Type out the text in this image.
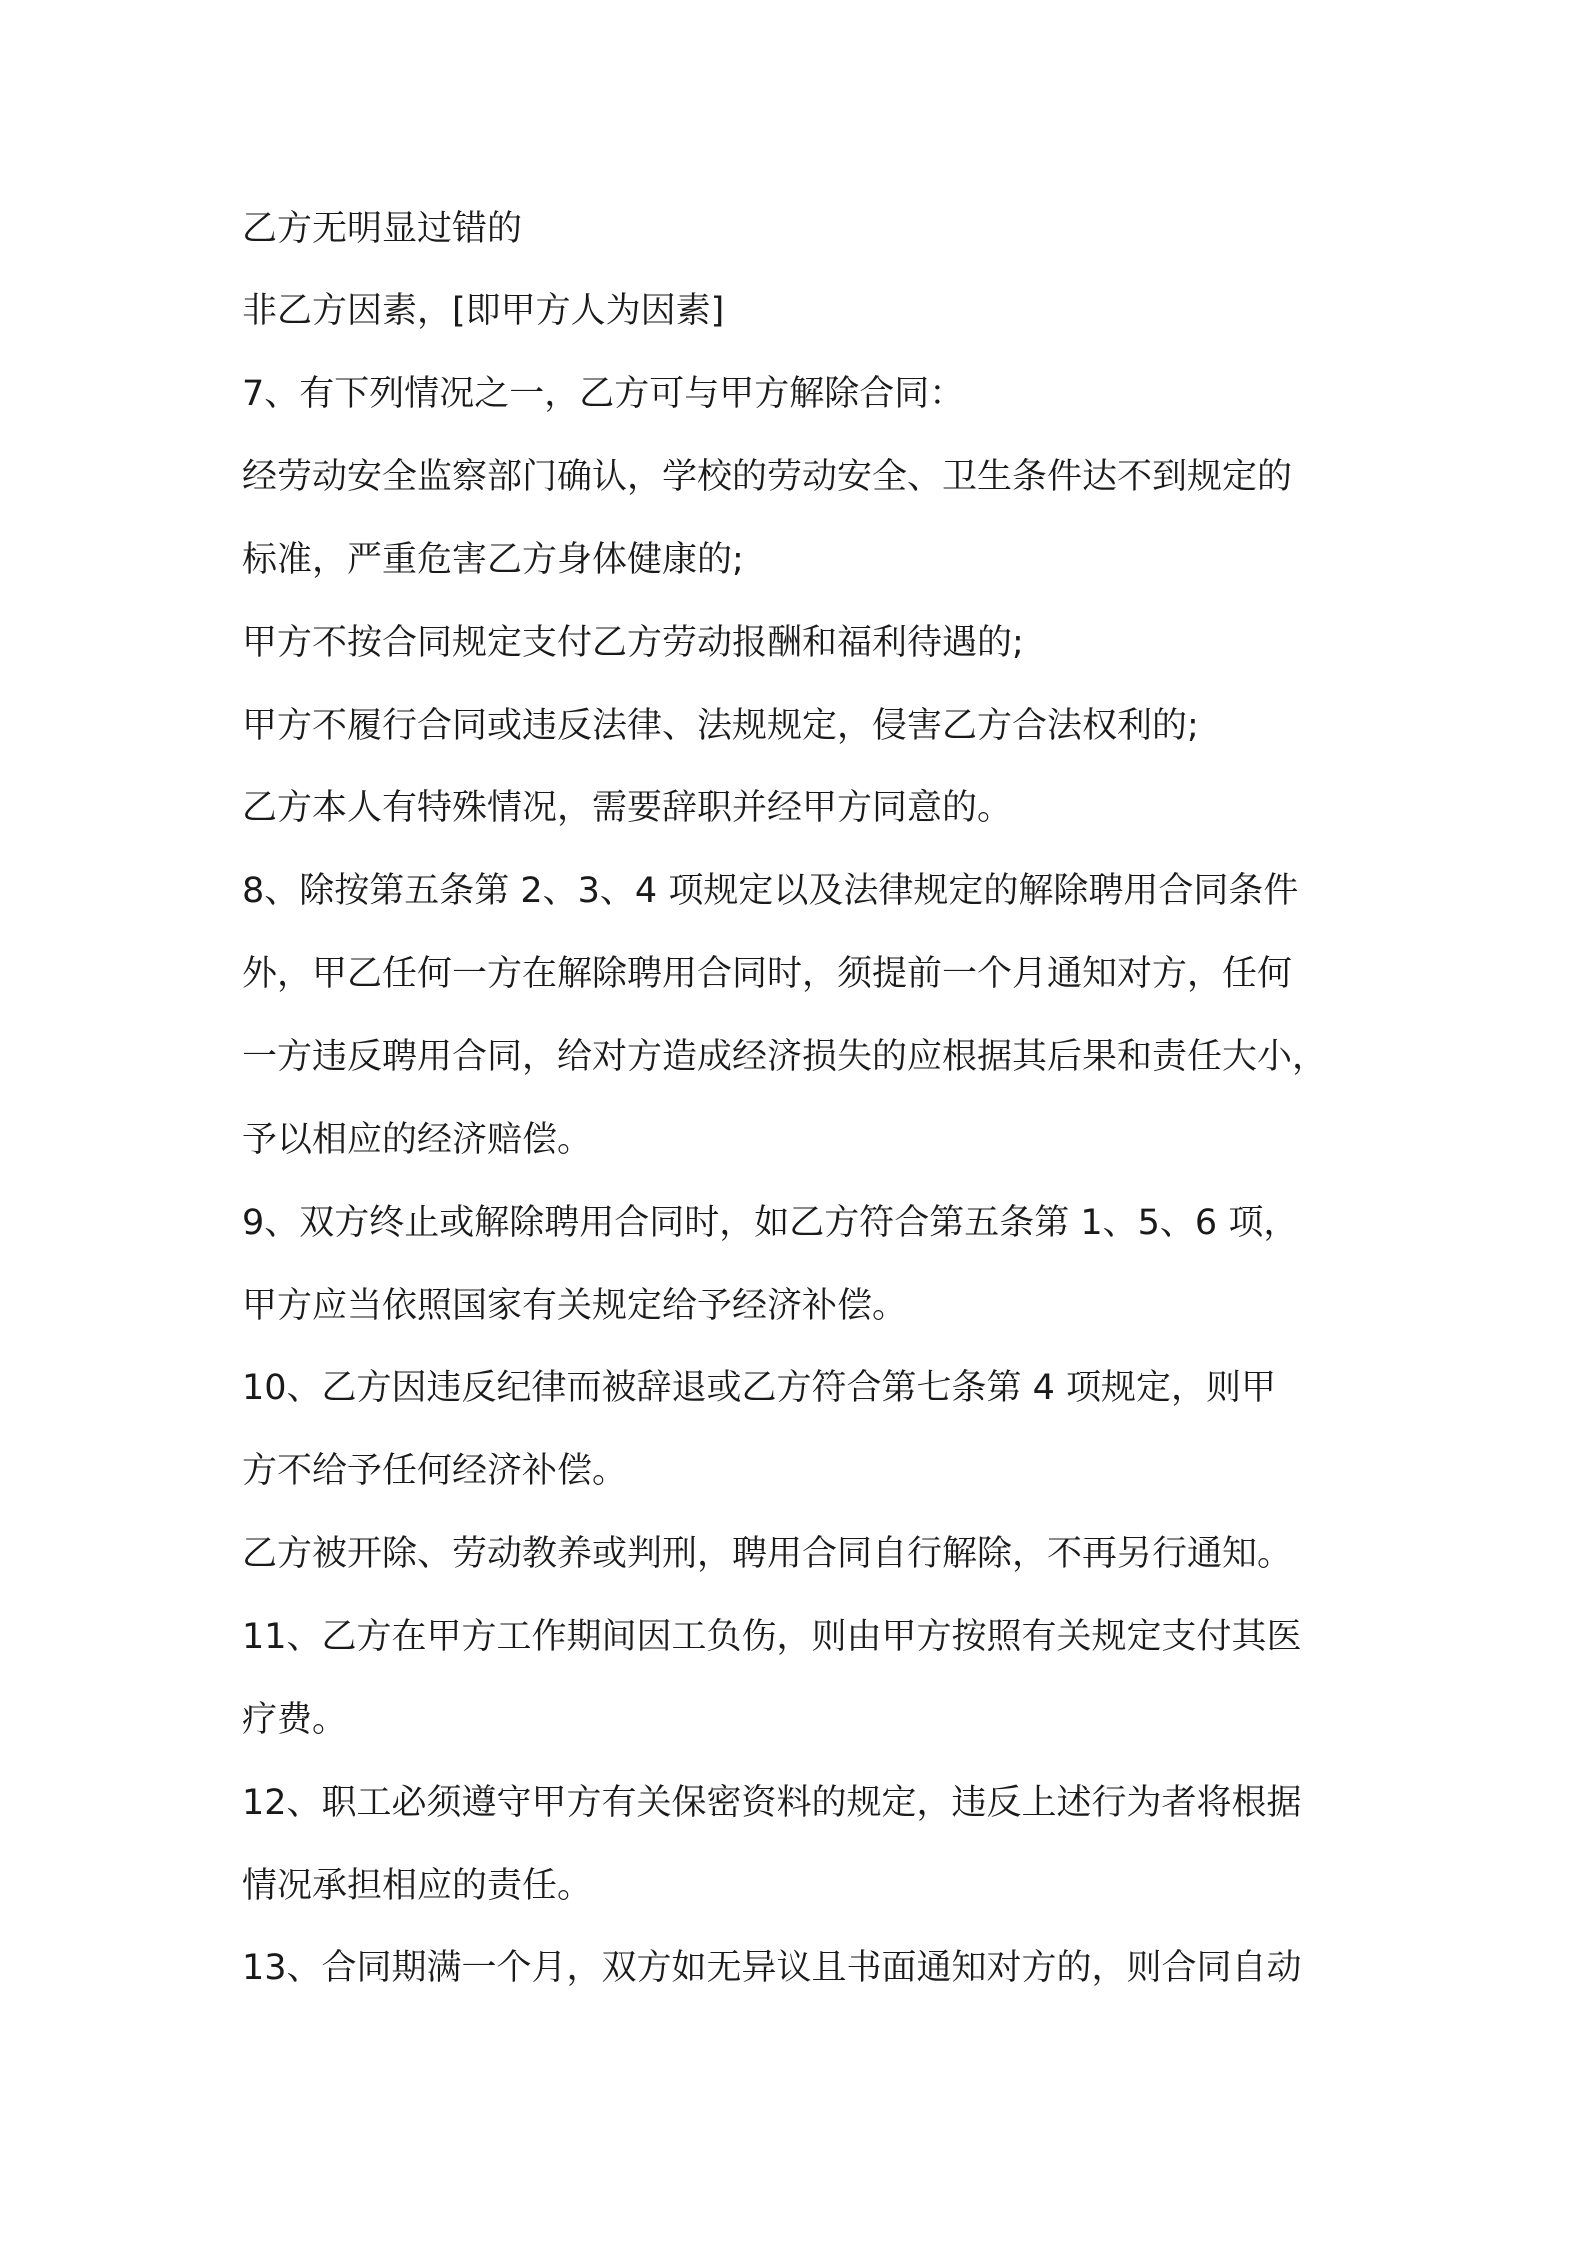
乙方无明显过错的
非乙方因素，[即甲方人为因素]
7、有下列情况之一，乙方可与甲方解除合同：
经劳动安全监察部门确认，学校的劳动安全、卫生条件达不到规定的
标准，严重危害乙方身体健康的;
甲方不按合同规定支付乙方劳动报酬和福利待遇的;
甲方不履行合同或违反法律、法规规定，侵害乙方合法权利的;
乙方本人有特殊情况，需要辞职并经甲方同意的。
8、除按第五条第 2、3、4 项规定以及法律规定的解除聘用合同条件
外，甲乙任何一方在解除聘用合同时，须提前一个月通知对方，任何
一方违反聘用合同，给对方造成经济损失的应根据其后果和责任大小，
予以相应的经济赔偿。
9、双方终止或解除聘用合同时，如乙方符合第五条第 1、5、6 项，
甲方应当依照国家有关规定给予经济补偿。
10、乙方因违反纪律而被辞退或乙方符合第七条第 4 项规定，则甲
方不给予任何经济补偿。
乙方被开除、劳动教养或判刑，聘用合同自行解除，不再另行通知。
11、乙方在甲方工作期间因工负伤，则由甲方按照有关规定支付其医
疗费。
12、职工必须遵守甲方有关保密资料的规定，违反上述行为者将根据
情况承担相应的责任。
13、合同期满一个月，双方如无异议且书面通知对方的，则合同自动
